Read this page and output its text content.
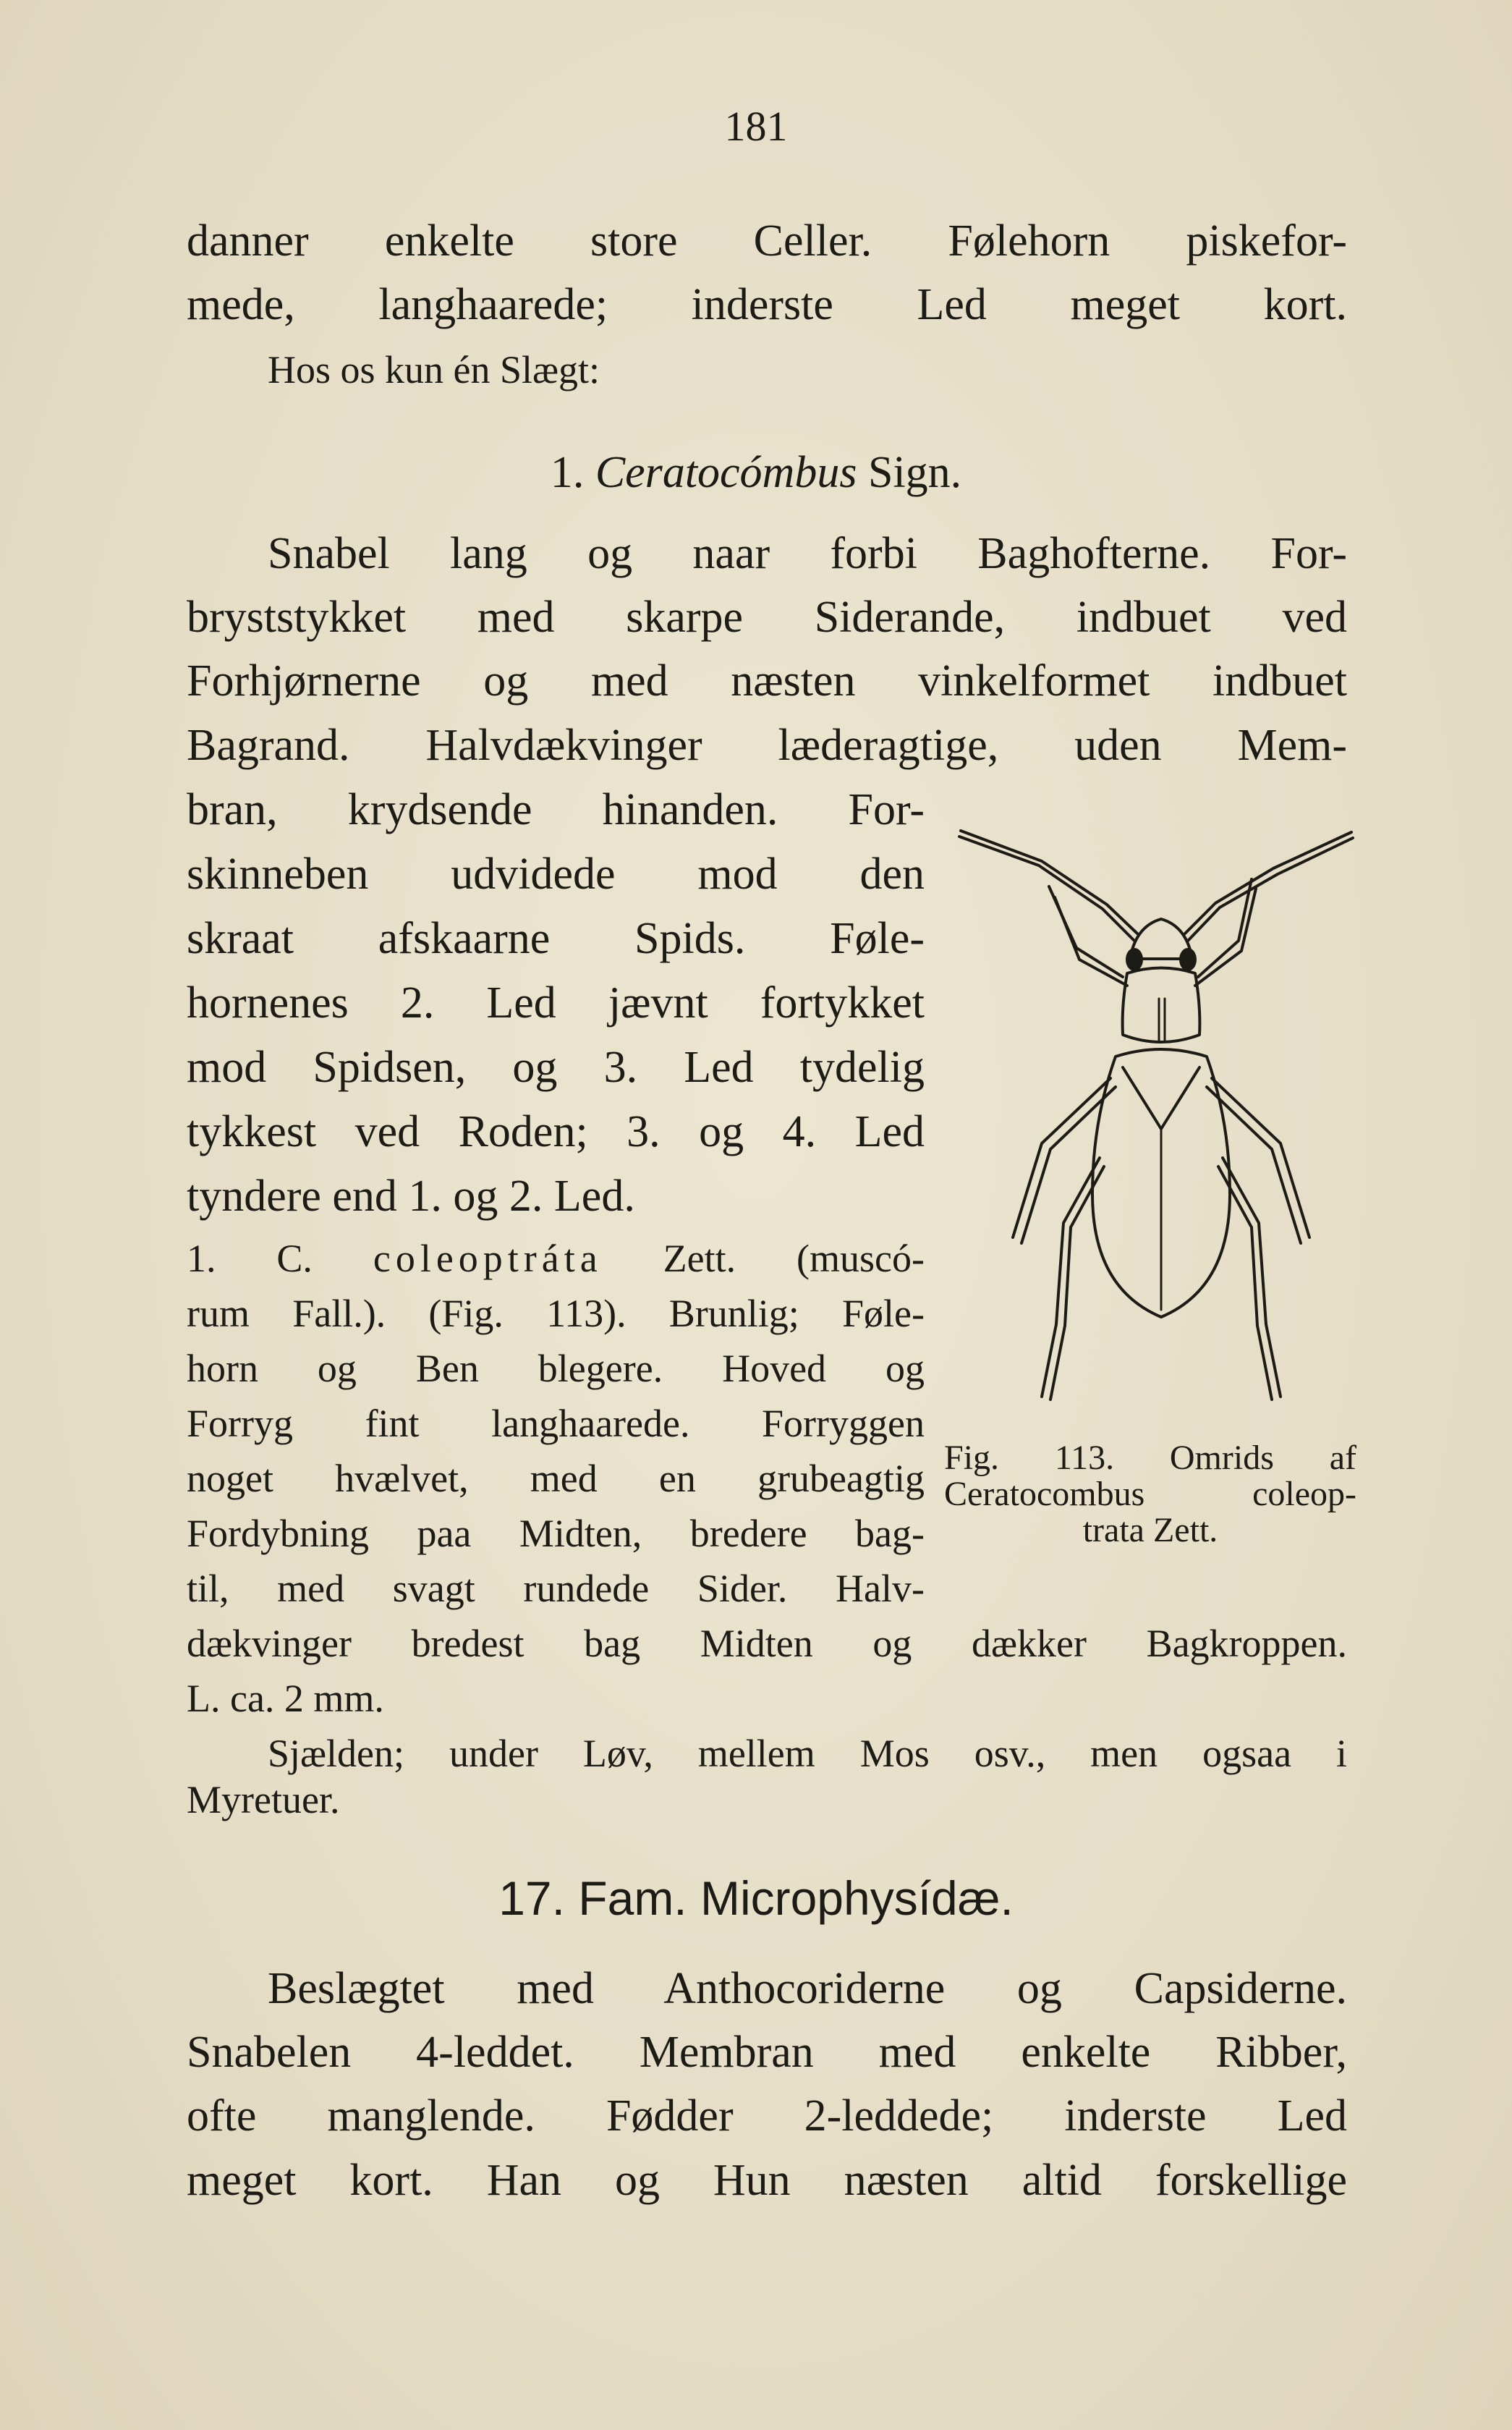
181
danner enkelte store Celler. Følehorn piskefor-
mede, langhaarede; inderste Led meget kort.
Hos os kun én Slægt:
1. Ceratocómbus Sign.
Snabel lang og naar forbi Baghofterne. For-
bryststykket med skarpe Siderande, indbuet ved
Forhjørnerne og med næsten vinkelformet indbuet
Bagrand. Halvdækvinger læderagtige, uden Mem-
bran, krydsende hinanden. For-
skinneben udvidede mod den
skraat afskaarne Spids. Føle-
hornenes 2. Led jævnt fortykket
mod Spidsen, og 3. Led tydelig
tykkest ved Roden; 3. og 4. Led
tyndere end 1. og 2. Led.
1. C. coleoptráta Zett. (muscó-
rum Fall.). (Fig. 113). Brunlig; Føle-
horn og Ben blegere. Hoved og
Forryg fint langhaarede. Forryggen
noget hvælvet, med en grubeagtig
Fordybning paa Midten, bredere bag-
til, med svagt rundede Sider. Halv-
dækvinger bredest bag Midten og dækker Bagkroppen.
L. ca. 2 mm.
Sjælden; under Løv, mellem Mos osv., men ogsaa i
Myretuer.
Fig. 113. Omrids af
Ceratocombus coleop-
trata Zett.
17. Fam. Microphysídæ.
Beslægtet med Anthocoriderne og Capsiderne.
Snabelen 4-leddet. Membran med enkelte Ribber,
ofte manglende. Fødder 2-leddede; inderste Led
meget kort. Han og Hun næsten altid forskellige
